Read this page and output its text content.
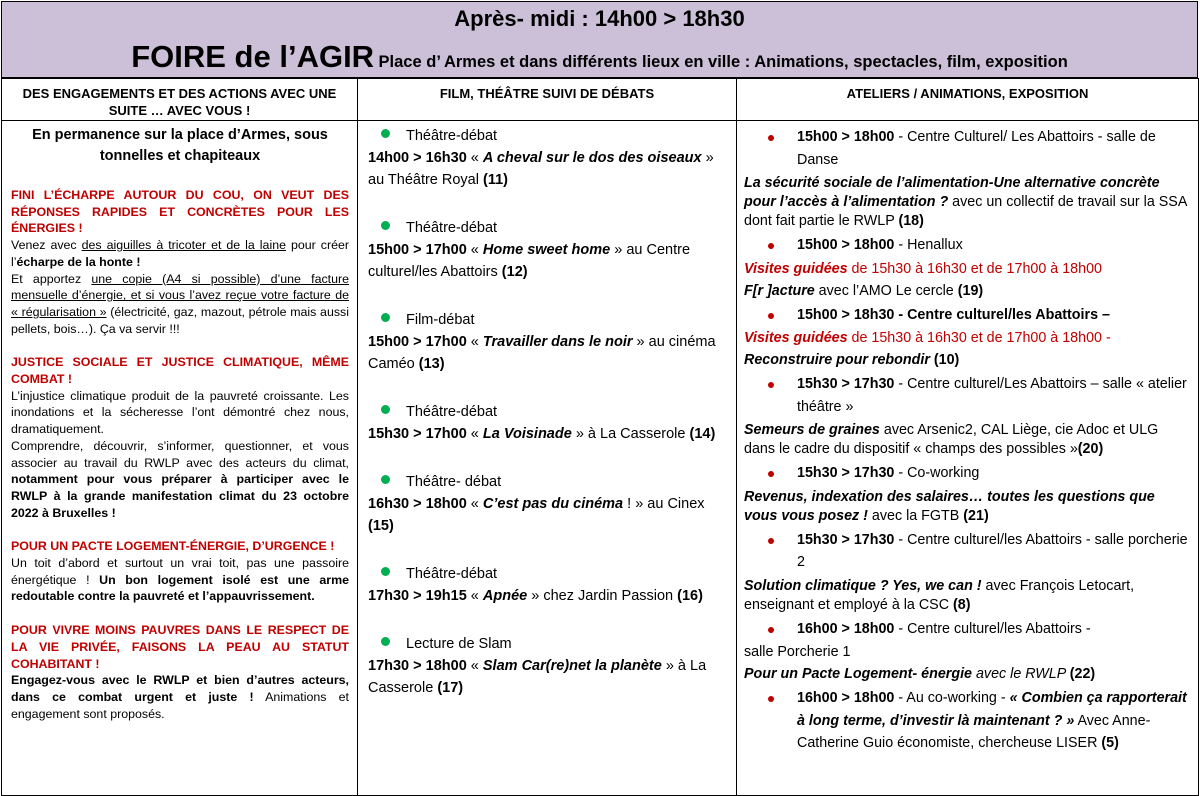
Après- midi : 14h00 > 18h30
FOIRE de l’AGIR Place d’ Armes et dans différents lieux en ville : Animations, spectacles, film, exposition
DES ENGAGEMENTS ET DES ACTIONS AVEC UNE SUITE … AVEC VOUS !
En permanence sur la place d’Armes, sous tonnelles et chapiteaux

FINI L’ÉCHARPE AUTOUR DU COU, ON VEUT DES RÉPONSES RAPIDES ET CONCRÈTES POUR LES ÉNERGIES !

Venez avec des aiguilles à tricoter et de la laine pour créer l’écharpe de la honte !

Et apportez une copie (A4 si possible) d’une facture mensuelle d’énergie, et si vous l’avez reçue votre facture de « régularisation » (électricité, gaz, mazout, pétrole mais aussi pellets, bois…). Ça va servir !!!

JUSTICE SOCIALE ET JUSTICE CLIMATIQUE, MÊME COMBAT !

L’injustice climatique produit de la pauvreté croissante. Les inondations et la sécheresse l’ont démontré chez nous, dramatiquement.

Comprendre, découvrir, s’informer, questionner, et vous associer au travail du RWLP avec des acteurs du climat, notamment pour vous préparer à participer avec le RWLP à la grande manifestation climat du 23 octobre 2022 à Bruxelles !

POUR UN PACTE LOGEMENT-ÉNERGIE, D’URGENCE !

Un toit d’abord et surtout un vrai toit, pas une passoire énergétique ! Un bon logement isolé est une arme redoutable contre la pauvreté et l’appauvrissement.

POUR VIVRE MOINS PAUVRES DANS LE RESPECT DE LA VIE PRIVÉE, FAISONS LA PEAU AU STATUT COHABITANT !

Engagez-vous avec le RWLP et bien d’autres acteurs, dans ce combat urgent et juste ! Animations et engagement sont proposés.

FILM, THÉÂTRE SUIVI DE DÉBATS
Théâtre-débat
14h00 > 16h30 « A cheval sur le dos des oiseaux » au Théâtre Royal (11)
Théâtre-débat
15h00 > 17h00 « Home sweet home » au Centre culturel/les Abattoirs (12)
Film-débat
15h00 > 17h00 « Travailler dans le noir » au cinéma Caméo (13)
Théâtre-débat
15h30 > 17h00 « La Voisinade » à La Casserole (14)
Théâtre- débat
16h30 > 18h00 « C’est pas du cinéma ! » au Cinex (15)
Théâtre-débat
17h30 > 19h15 « Apnée » chez Jardin Passion (16)
Lecture de Slam
17h30 > 18h00 « Slam Car(re)net la planète » à La Casserole (17)
ATELIERS / ANIMATIONS, EXPOSITION
15h00 > 18h00 - Centre Culturel/ Les Abattoirs - salle de Danse
La sécurité sociale de l’alimentation-Une alternative concrète pour l’accès à l’alimentation ? avec un collectif de travail sur la SSA dont fait partie le RWLP (18)
15h00 > 18h00 - Henallux
Visites guidées de 15h30 à 16h30 et de 17h00 à 18h00
F[r ]acture avec l’AMO Le cercle (19)
15h00 > 18h30 - Centre culturel/les Abattoirs –
Visites guidées de 15h30 à 16h30 et de 17h00 à 18h00 -
Reconstruire pour rebondir (10)
15h30 > 17h30 - Centre culturel/Les Abattoirs – salle « atelier théâtre »
Semeurs de graines avec Arsenic2, CAL Liège, cie Adoc et ULG dans le cadre du dispositif « champs des possibles »(20)
15h30 > 17h30 - Co-working
Revenus, indexation des salaires… toutes les questions que vous vous posez ! avec la FGTB (21)
15h30 > 17h30 - Centre culturel/les Abattoirs - salle porcherie 2
Solution climatique ? Yes, we can ! avec François Letocart, enseignant et employé à la CSC (8)
16h00 > 18h00 - Centre culturel/les Abattoirs -
salle Porcherie 1
Pour un Pacte Logement- énergie avec le RWLP (22)
16h00 > 18h00 - Au co-working - « Combien ça rapporterait à long terme, d’investir là maintenant ? » Avec Anne-Catherine Guio économiste, chercheuse LISER (5)
